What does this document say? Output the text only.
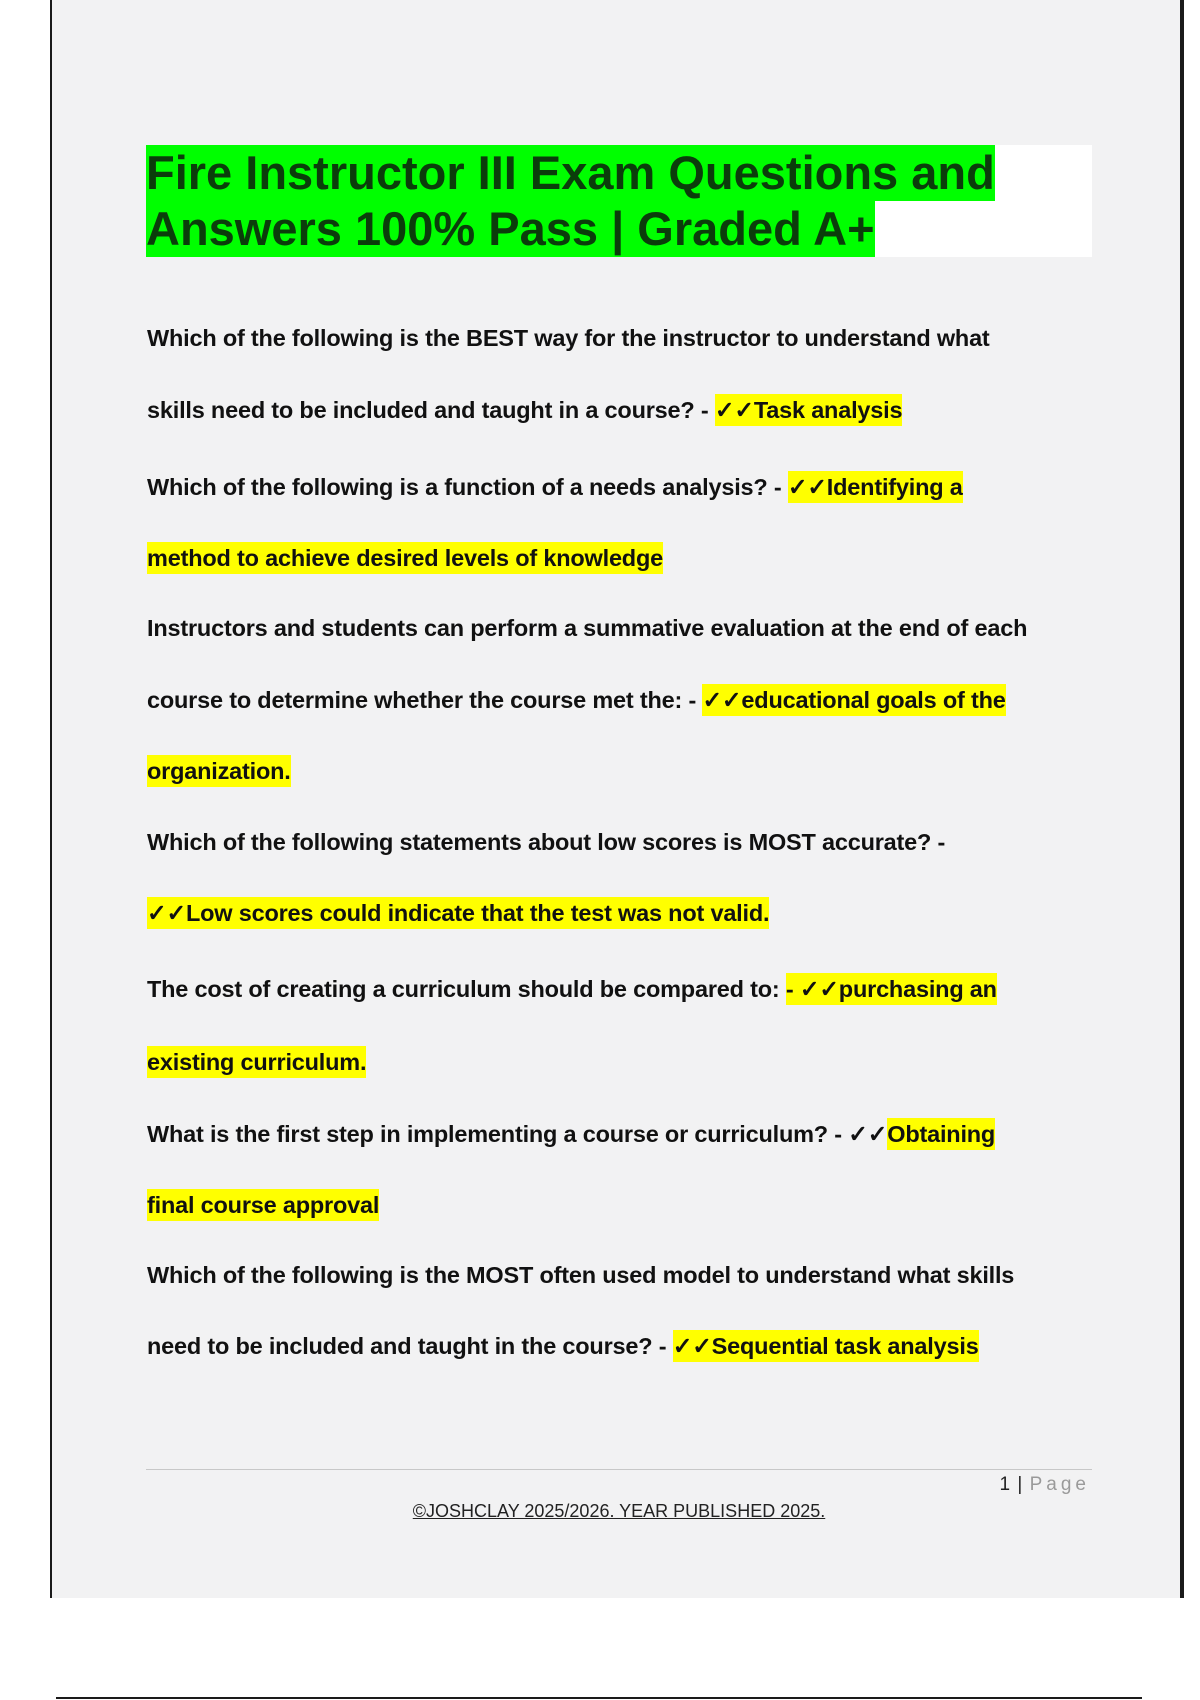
Fire Instructor III Exam Questions and
Answers 100% Pass | Graded A+
Which of the following is the BEST way for the instructor to understand what
skills need to be included and taught in a course? - ✓✓Task analysis
Which of the following is a function of a needs analysis? - ✓✓Identifying a
method to achieve desired levels of knowledge
Instructors and students can perform a summative evaluation at the end of each
course to determine whether the course met the: - ✓✓educational goals of the
organization.
Which of the following statements about low scores is MOST accurate? -
✓✓Low scores could indicate that the test was not valid.
The cost of creating a curriculum should be compared to: - ✓✓purchasing an
existing curriculum.
What is the first step in implementing a course or curriculum? - ✓✓Obtaining
final course approval
Which of the following is the MOST often used model to understand what skills
need to be included and taught in the course? - ✓✓Sequential task analysis
1 | Page
©JOSHCLAY 2025/2026. YEAR PUBLISHED 2025.
